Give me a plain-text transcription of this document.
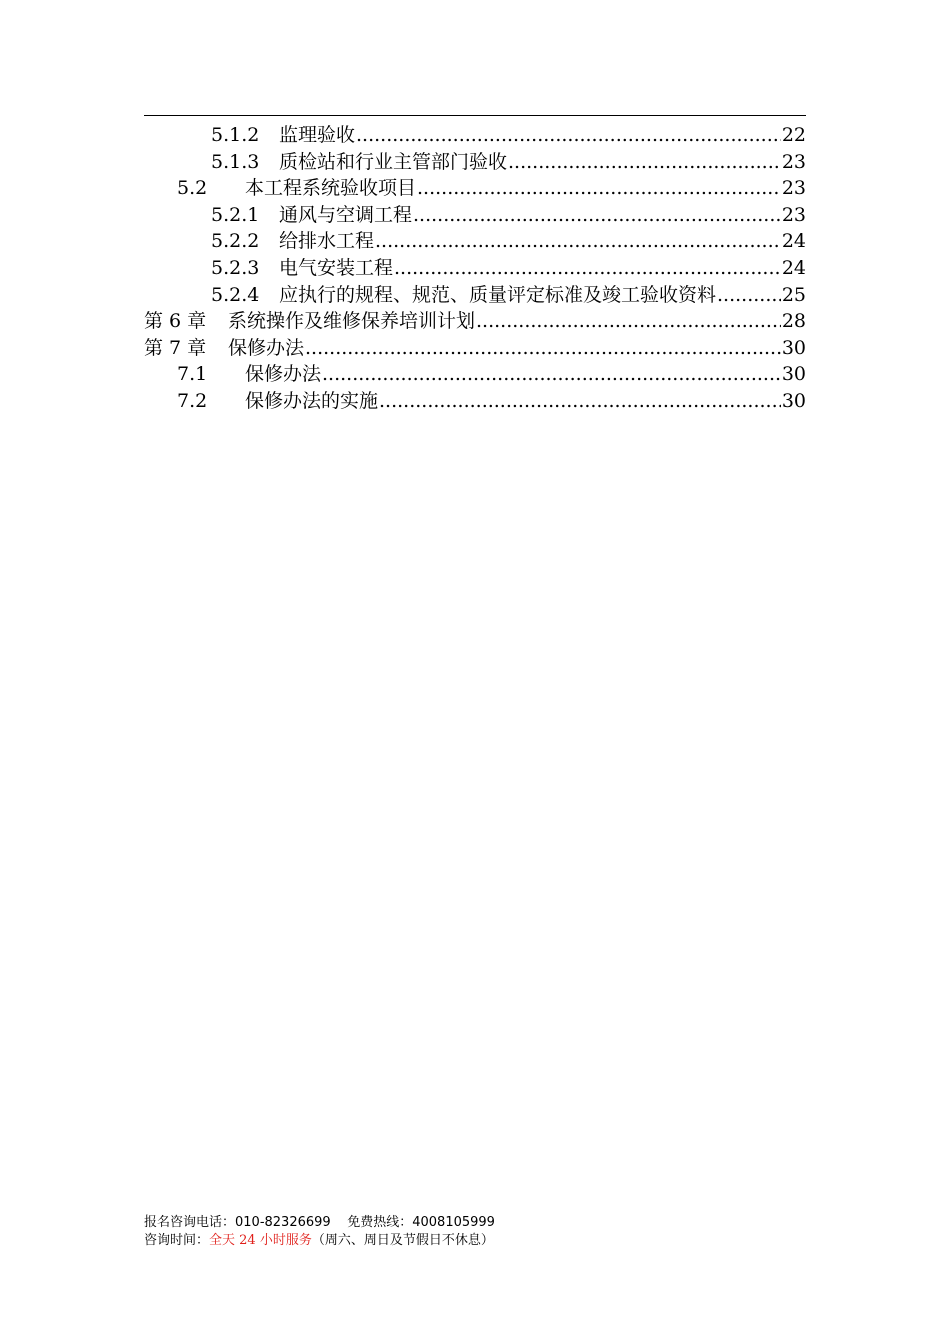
5.1.2	监理验收 .....	22
5.1.3	质检站和行业主管部门验收 .....	23
5.2	本工程系统验收项目 .....	23
5.2.1	通风与空调工程 .....	23
5.2.2	给排水工程 .....	24
5.2.3	电气安装工程 .....	24
5.2.4	应执行的规程、规范、质量评定标准及竣工验收资料 .....	25
第 6 章	系统操作及维修保养培训计划 .....	28
第 7 章	保修办法 .....	30
7.1	保修办法 .....	30
7.2	保修办法的实施 .....	30
报名咨询电话：010-82326699 免费热线：4008105999
咨询时间：全天 24 小时服务（周六、周日及节假日不休息）
